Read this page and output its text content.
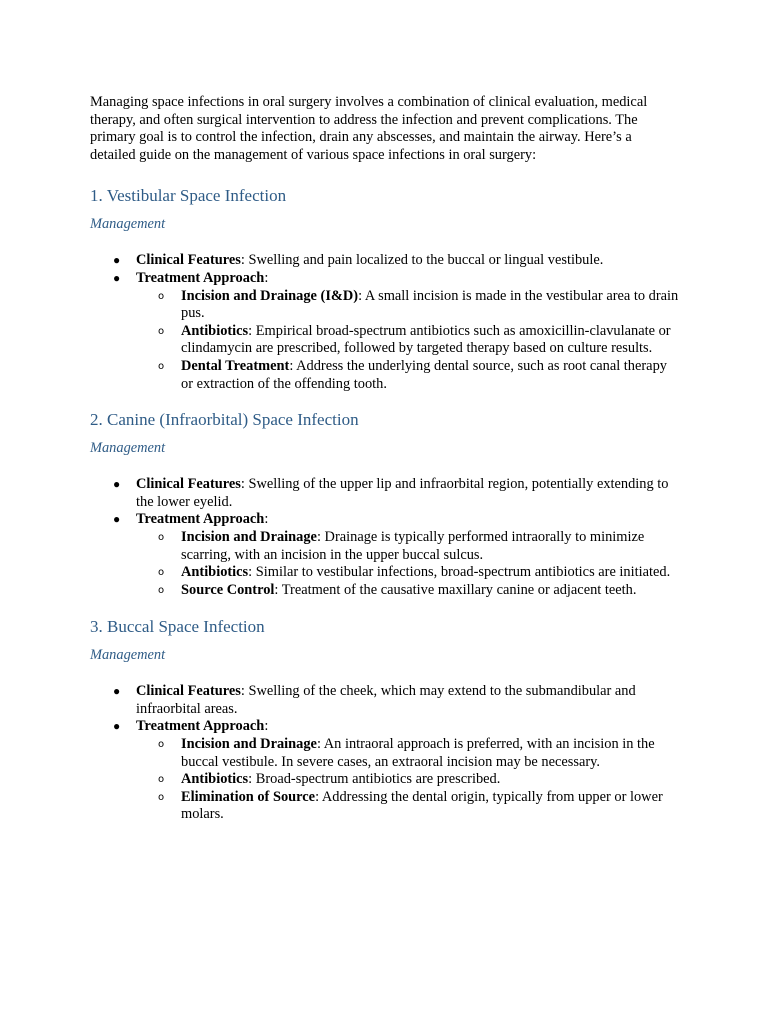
Managing space infections in oral surgery involves a combination of clinical evaluation, medical therapy, and often surgical intervention to address the infection and prevent complications. The primary goal is to control the infection, drain any abscesses, and maintain the airway. Here’s a detailed guide on the management of various space infections in oral surgery:

1. Vestibular Space Infection

Management

● Clinical Features: Swelling and pain localized to the buccal or lingual vestibule.
● Treatment Approach:
o Incision and Drainage (I&D): A small incision is made in the vestibular area to drain pus.
o Antibiotics: Empirical broad-spectrum antibiotics such as amoxicillin-clavulanate or clindamycin are prescribed, followed by targeted therapy based on culture results.
o Dental Treatment: Address the underlying dental source, such as root canal therapy or extraction of the offending tooth.
2. Canine (Infraorbital) Space Infection

Management

● Clinical Features: Swelling of the upper lip and infraorbital region, potentially extending to the lower eyelid.
● Treatment Approach:
o Incision and Drainage: Drainage is typically performed intraorally to minimize scarring, with an incision in the upper buccal sulcus.
o Antibiotics: Similar to vestibular infections, broad-spectrum antibiotics are initiated.
o Source Control: Treatment of the causative maxillary canine or adjacent teeth.
3. Buccal Space Infection

Management

● Clinical Features: Swelling of the cheek, which may extend to the submandibular and infraorbital areas.
● Treatment Approach:
o Incision and Drainage: An intraoral approach is preferred, with an incision in the buccal vestibule. In severe cases, an extraoral incision may be necessary.
o Antibiotics: Broad-spectrum antibiotics are prescribed.
o Elimination of Source: Addressing the dental origin, typically from upper or lower molars.
